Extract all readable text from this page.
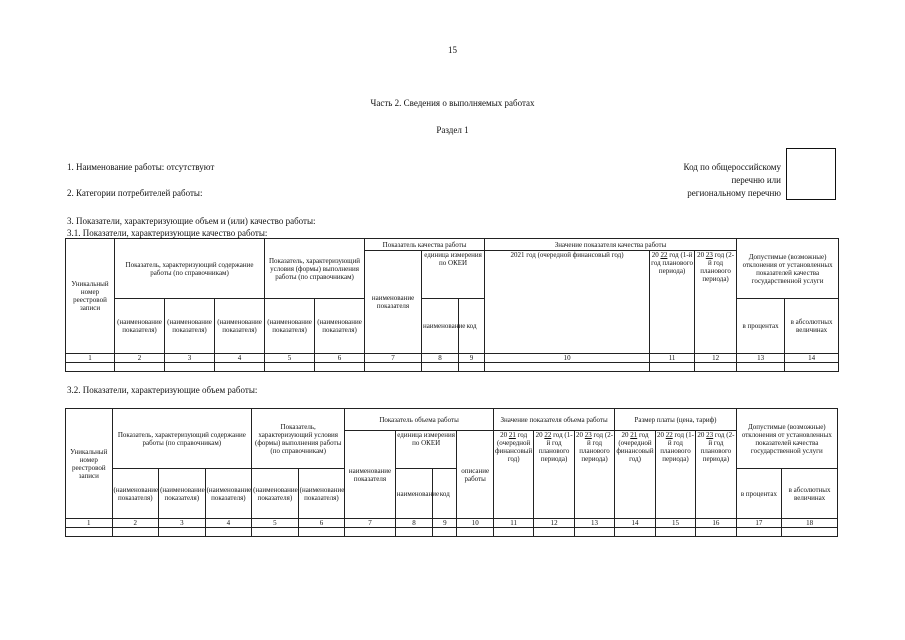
15
Часть 2. Сведения о выполняемых работах
Раздел 1
1. Наименование работы: отсутствуют
2. Категории потребителей работы:
3. Показатели, характеризующие объем и (или) качество работы:
3.1. Показатели, характеризующие качество работы:
Код по общероссийскому
перечню или
региональному перечню
Уникальный номер реестровой записи	Показатель, характеризующий содержание работы (по справочникам)			Показатель, характеризующий условия (формы) выполнения работы (по справочникам)		Показатель качества работы			Значение показателя качества работы			Допустимые (возможные) отклонения от установленных показателей качества государственной услуги	
						наименование показателя	единица измерения по ОКЕИ		2021 год (очередной финансовый год)	20 22 год (1-й год планового периода)	20 23 год (2-й год планового периода)		
	(наименование показателя)	(наименование показателя)	(наименование показателя)	(наименование показателя)	(наименование показателя)		наименование	код				в процентах	в абсолютных величинах
1	2	3	4	5	6	7	8	9	10	11	12	13	14

3.2. Показатели, характеризующие объем работы:
Уникальный номер реестровой записи	Показатель, характеризующий содержание работы (по справочникам)			Показатель, характеризующий условия (формы) выполнения работы (по справочникам)		Показатель объема работы				Значение показателя объема работы			Размер платы (цена, тариф)			Допустимые (возможные) отклонения от установленных показателей качества государственной услуги	
						наименование показателя	единица измерения по ОКЕИ		описание работы	20 21 год (очередной финансовый год)	20 22 год (1-й год планового периода)	20 23 год (2-й год планового периода)	20 21 год (очередной финансовый год)	20 22 год (1-й год планового периода)	20 23 год (2-й год планового периода)		
	(наименование показателя)	(наименование показателя)	(наименование показателя)	(наименование показателя)	(наименование показателя)		наименование	код								в процентах	в абсолютных величинах
1	2	3	4	5	6	7	8	9	10	11	12	13	14	15	16	17	18
